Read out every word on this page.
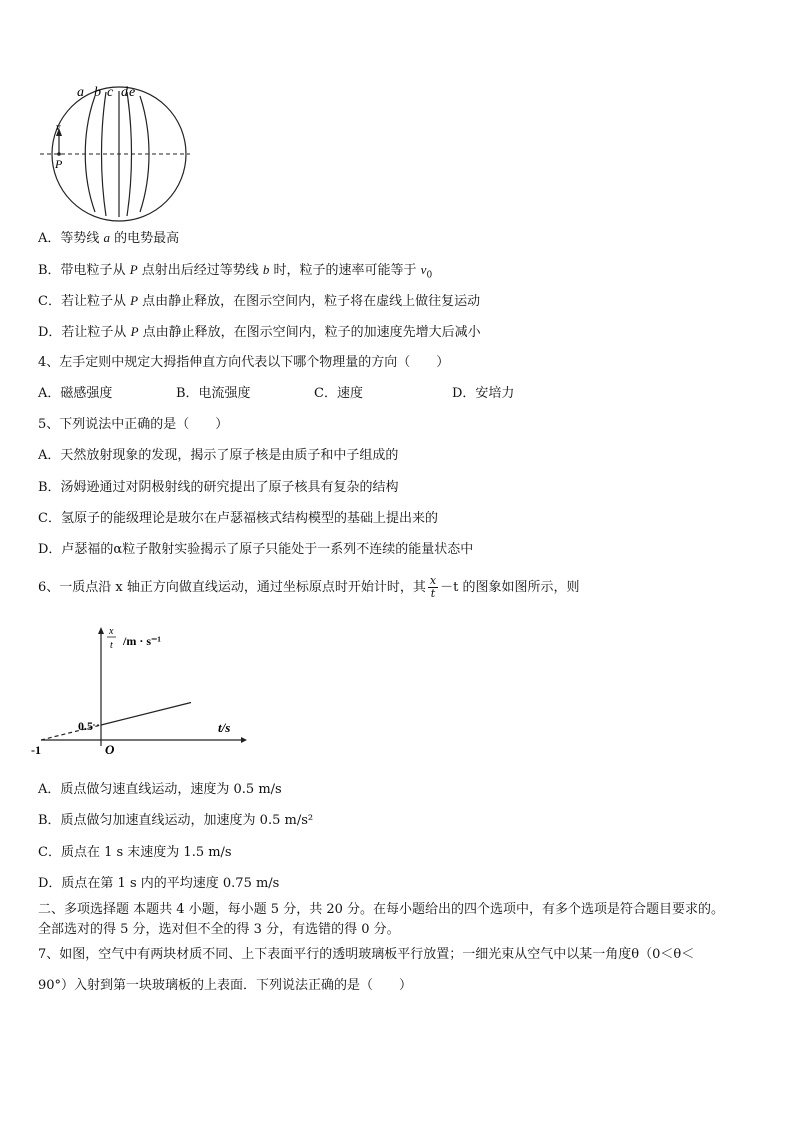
a b c d e
v
P
A．等势线 a 的电势最高
B．带电粒子从 P 点射出后经过等势线 b 时，粒子的速率可能等于 $v_0$
C．若让粒子从 P 点由静止释放，在图示空间内，粒子将在虚线上做往复运动
D．若让粒子从 P 点由静止释放，在图示空间内，粒子的加速度先增大后减小
4、左手定则中规定大拇指伸直方向代表以下哪个物理量的方向（　　）
A．磁感强度	B．电流强度	C．速度	D．安培力
5、下列说法中正确的是（　　）
A．天然放射现象的发现，揭示了原子核是由质子和中子组成的
B．汤姆逊通过对阴极射线的研究提出了原子核具有复杂的结构
C．氢原子的能级理论是玻尔在卢瑟福核式结构模型的基础上提出来的
D．卢瑟福的α粒子散射实验揭示了原子只能处于一系列不连续的能量状态中
6、一质点沿 x 轴正方向做直线运动，通过坐标原点时开始计时，其 $\frac{x}{t} -t$ 的图象如图所示，则
0.5
-1	O
t/s
x
t /m · s⁻¹
A．质点做匀速直线运动，速度为 0.5 m/s
B．质点做匀加速直线运动，加速度为 0.5 m/s²
C．质点在 1 s 末速度为 1.5 m/s
D．质点在第 1 s 内的平均速度 0.75 m/s
二、多项选择题 本题共 4 小题，每小题 5 分，共 20 分。在每小题给出的四个选项中，有多个选项是符合题目要求的。
全部选对的得 5 分，选对但不全的得 3 分，有选错的得 0 分。
7、如图，空气中有两块材质不同、上下表面平行的透明玻璃板平行放置；一细光束从空气中以某一角度θ（0＜θ＜
90°）入射到第一块玻璃板的上表面．下列说法正确的是（　　）
